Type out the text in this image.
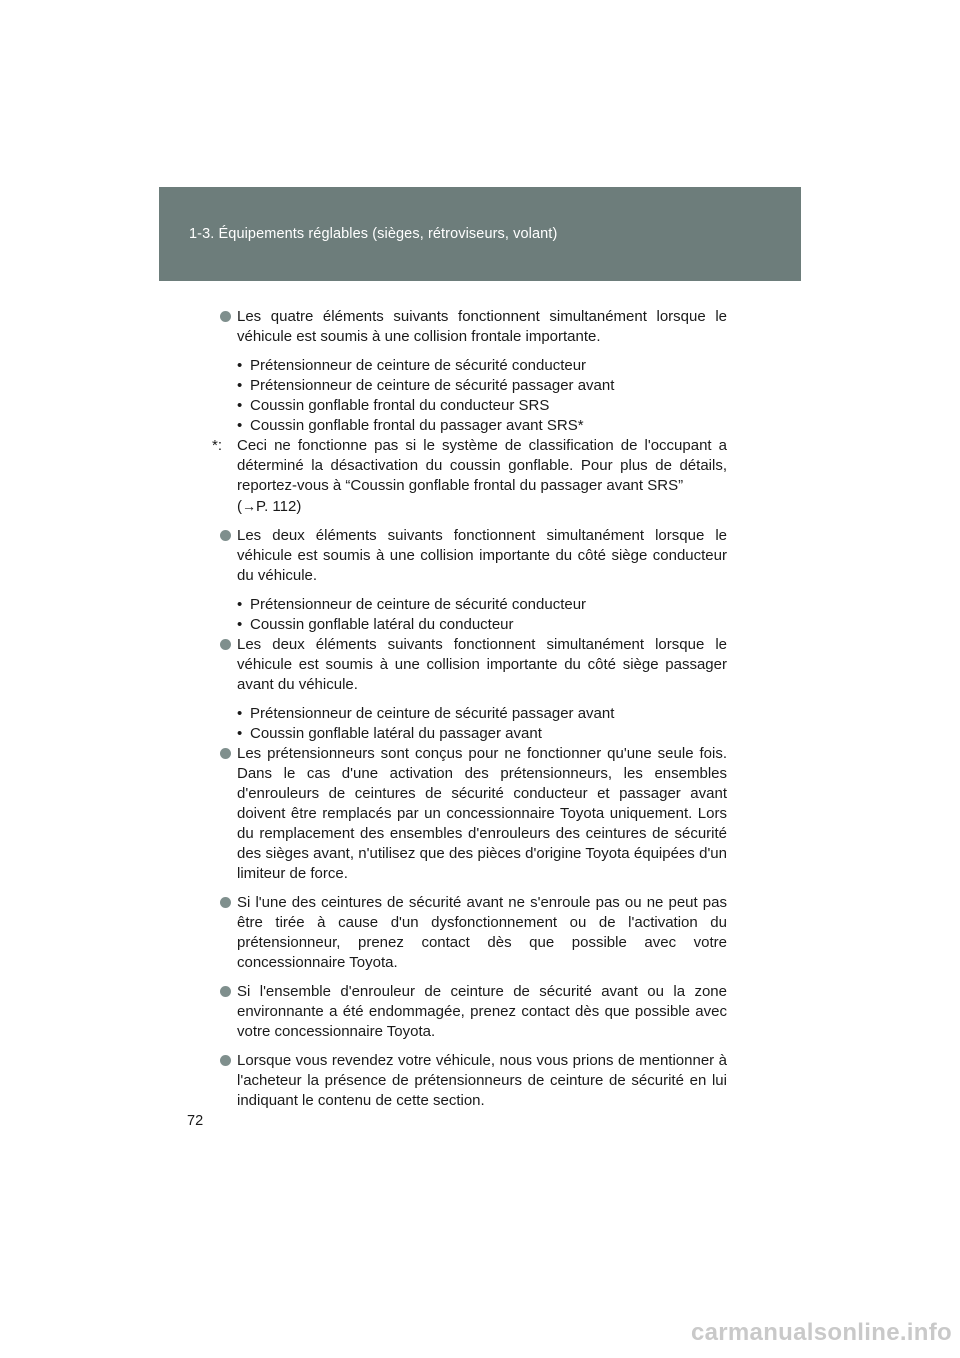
1-3. Équipements réglables (sièges, rétroviseurs, volant)
Les quatre éléments suivants fonctionnent simultanément lorsque le véhicule est soumis à une collision frontale importante.
• Prétensionneur de ceinture de sécurité conducteur
• Prétensionneur de ceinture de sécurité passager avant
• Coussin gonflable frontal du conducteur SRS
• Coussin gonflable frontal du passager avant SRS*
*: Ceci ne fonctionne pas si le système de classification de l'occupant a déterminé la désactivation du coussin gonflable. Pour plus de détails, reportez-vous à “Coussin gonflable frontal du passager avant SRS”
(→P. 112)
Les deux éléments suivants fonctionnent simultanément lorsque le véhicule est soumis à une collision importante du côté siège conducteur du véhicule.
• Prétensionneur de ceinture de sécurité conducteur
• Coussin gonflable latéral du conducteur
Les deux éléments suivants fonctionnent simultanément lorsque le véhicule est soumis à une collision importante du côté siège passager avant du véhicule.
• Prétensionneur de ceinture de sécurité passager avant
• Coussin gonflable latéral du passager avant
Les prétensionneurs sont conçus pour ne fonctionner qu'une seule fois. Dans le cas d'une activation des prétensionneurs, les ensembles d'enrouleurs de ceintures de sécurité conducteur et passager avant doivent être remplacés par un concessionnaire Toyota uniquement. Lors du remplacement des ensembles d'enrouleurs des ceintures de sécurité des sièges avant, n'utilisez que des pièces d'origine Toyota équipées d'un limiteur de force.
Si l'une des ceintures de sécurité avant ne s'enroule pas ou ne peut pas être tirée à cause d'un dysfonctionnement ou de l'activation du prétensionneur, prenez contact dès que possible avec votre concessionnaire Toyota.
Si l'ensemble d'enrouleur de ceinture de sécurité avant ou la zone environnante a été endommagée, prenez contact dès que possible avec votre concessionnaire Toyota.
Lorsque vous revendez votre véhicule, nous vous prions de mentionner à l'acheteur la présence de prétensionneurs de ceinture de sécurité en lui indiquant le contenu de cette section.
72
carmanualsonline.info
